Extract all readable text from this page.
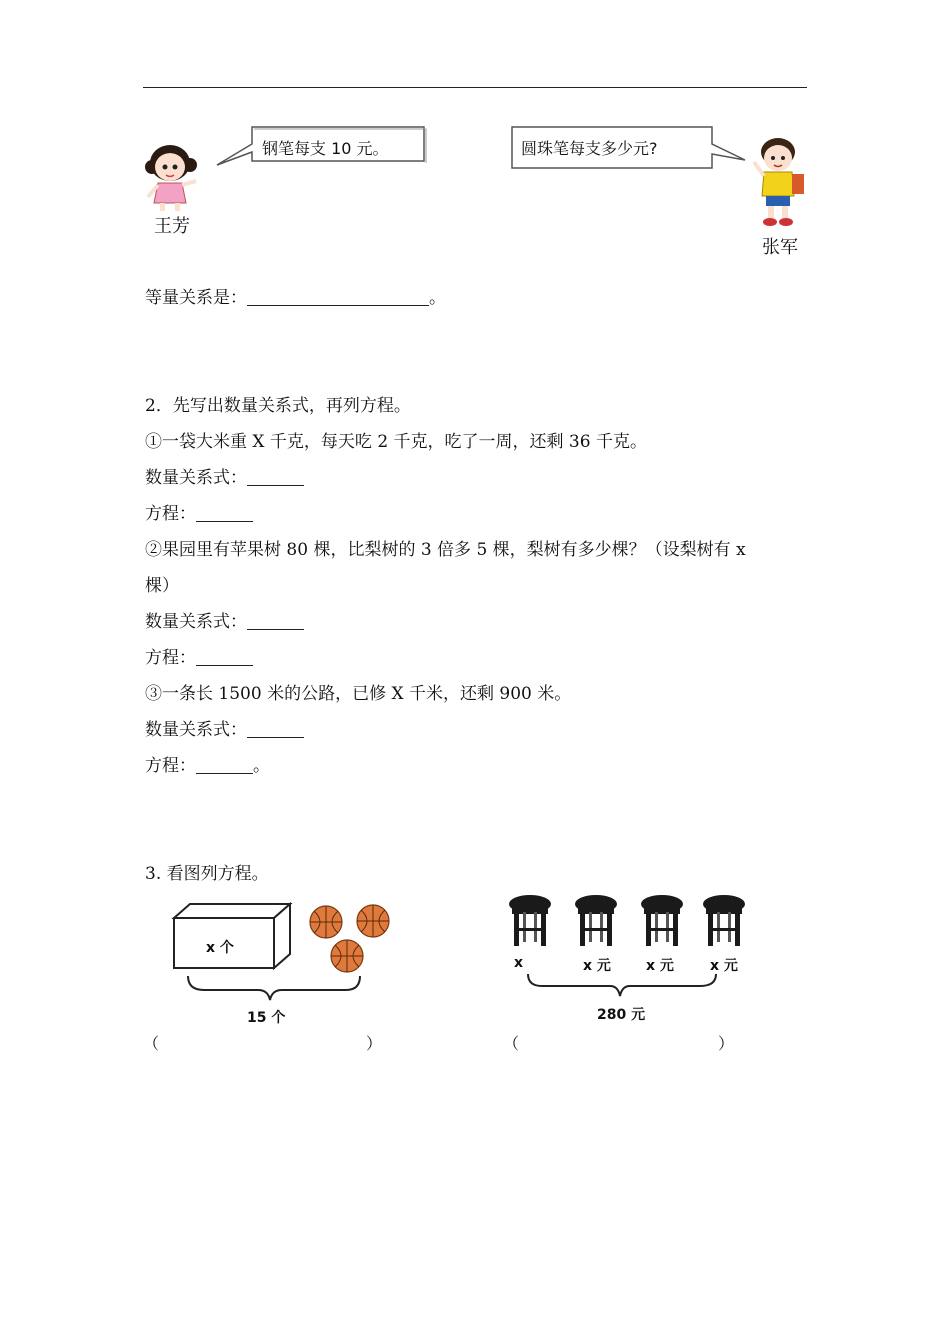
王芳
钢笔每支 10 元。	圆珠笔每支多少元?
张军
等量关系是：	。
2．先写出数量关系式，再列方程。
①一袋大米重 X 千克，每天吃 2 千克，吃了一周，还剩 36 千克。
数量关系式：
方程：
②果园里有苹果树 80 棵，比梨树的 3 倍多 5 棵，梨树有多少棵？（设梨树有 x
棵）
数量关系式：
方程：
③一条长 1500 米的公路，已修 X 千米，还剩 900 米。
数量关系式：
方程：	。
3. 看图列方程。
x 个
15 个
（	）
x	x 元	x 元	x 元
280 元
（	）
